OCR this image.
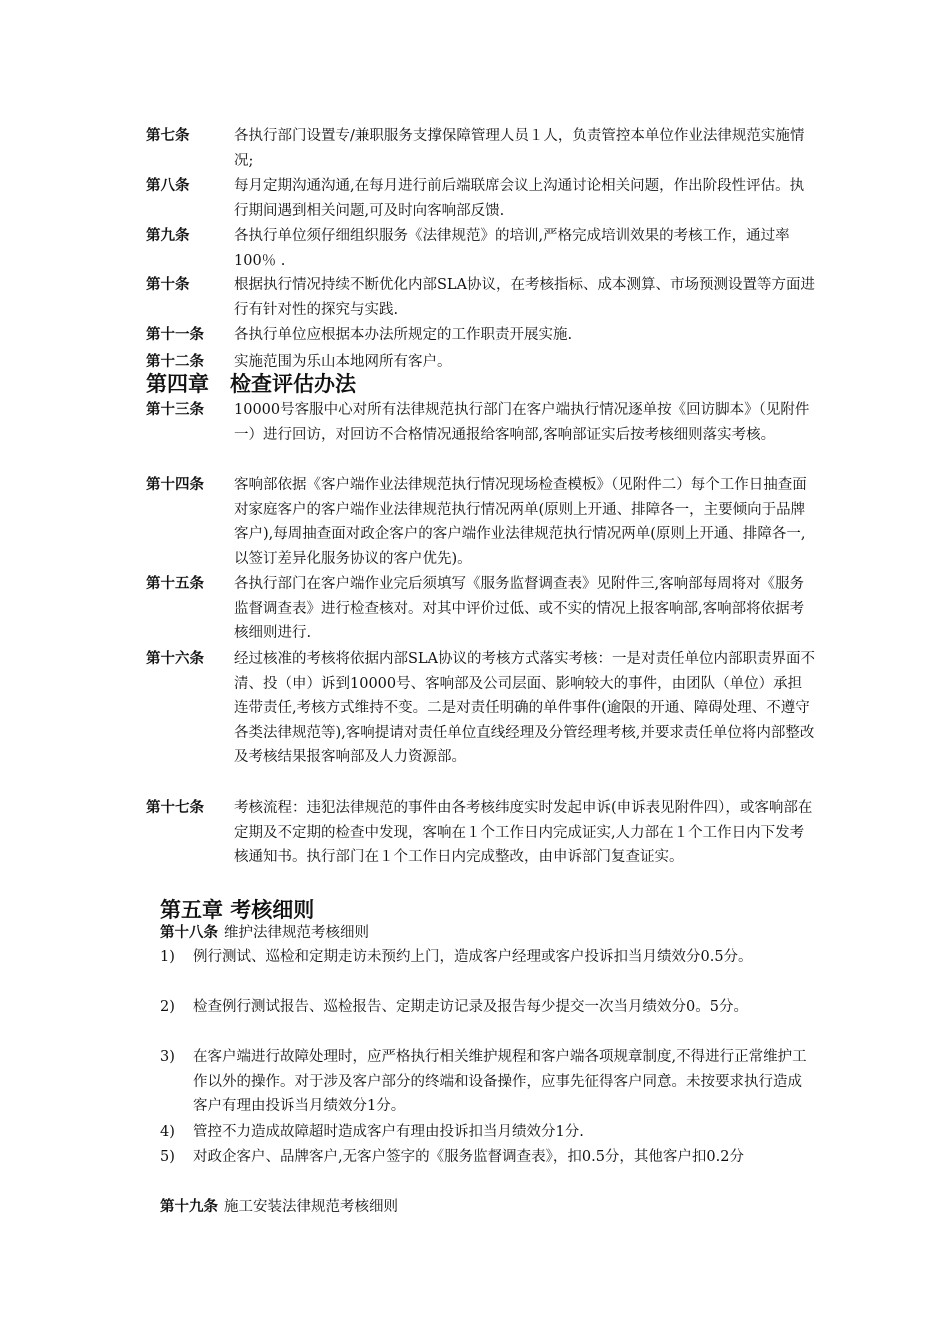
第七条	各执行部门设置专/兼职服务支撑保障管理人员１人，负责管控本单位作业法律规范实施情况;
第八条	每月定期沟通沟通,在每月进行前后端联席会议上沟通讨论相关问题，作出阶段性评估。执行期间遇到相关问题,可及时向客响部反馈.
第九条	各执行单位须仔细组织服务《法律规范》的培训,严格完成培训效果的考核工作，通过率100％ .
第十条	根据执行情况持续不断优化内部SLA协议，在考核指标、成本测算、市场预测设置等方面进行有针对性的探究与实践.
第十一条 各执行单位应根据本办法所规定的工作职责开展实施.
第十二条 实施范围为乐山本地网所有客户。
第四章　检查评估办法
第十三条 10000号客服中心对所有法律规范执行部门在客户端执行情况逐单按《回访脚本》（见附件一）进行回访，对回访不合格情况通报给客响部,客响部证实后按考核细则落实考核。
第十四条 客响部依据《客户端作业法律规范执行情况现场检查模板》（见附件二）每个工作日抽查面对家庭客户的客户端作业法律规范执行情况两单(原则上开通、排障各一，主要倾向于品牌客户),每周抽查面对政企客户的客户端作业法律规范执行情况两单(原则上开通、排障各一,以签订差异化服务协议的客户优先)。
第十五条 各执行部门在客户端作业完后须填写《服务监督调查表》见附件三,客响部每周将对《服务监督调查表》进行检查核对。对其中评价过低、或不实的情况上报客响部,客响部将依据考核细则进行.
第十六条 经过核准的考核将依据内部SLA协议的考核方式落实考核：一是对责任单位内部职责界面不清、投（申）诉到10000号、客响部及公司层面、影响较大的事件，由团队（单位）承担连带责任,考核方式维持不变。二是对责任明确的单件事件(逾限的开通、障碍处理、不遵守各类法律规范等),客响提请对责任单位直线经理及分管经理考核,并要求责任单位将内部整改及考核结果报客响部及人力资源部。
第十七条 考核流程：违犯法律规范的事件由各考核纬度实时发起申诉(申诉表见附件四），或客响部在定期及不定期的检查中发现，客响在１个工作日内完成证实,人力部在１个工作日内下发考核通知书。执行部门在１个工作日内完成整改，由申诉部门复查证实。
第五章 考核细则
第十八条 维护法律规范考核细则
1) 例行测试、巡检和定期走访未预约上门，造成客户经理或客户投诉扣当月绩效分0.5分。
2) 检查例行测试报告、巡检报告、定期走访记录及报告每少提交一次当月绩效分0。5分。
3) 在客户端进行故障处理时，应严格执行相关维护规程和客户端各项规章制度,不得进行正常维护工作以外的操作。对于涉及客户部分的终端和设备操作，应事先征得客户同意。未按要求执行造成客户有理由投诉当月绩效分1分。
4) 管控不力造成故障超时造成客户有理由投诉扣当月绩效分1分.
5) 对政企客户、品牌客户,无客户签字的《服务监督调查表》，扣0.5分，其他客户扣0.2分
第十九条 施工安装法律规范考核细则
